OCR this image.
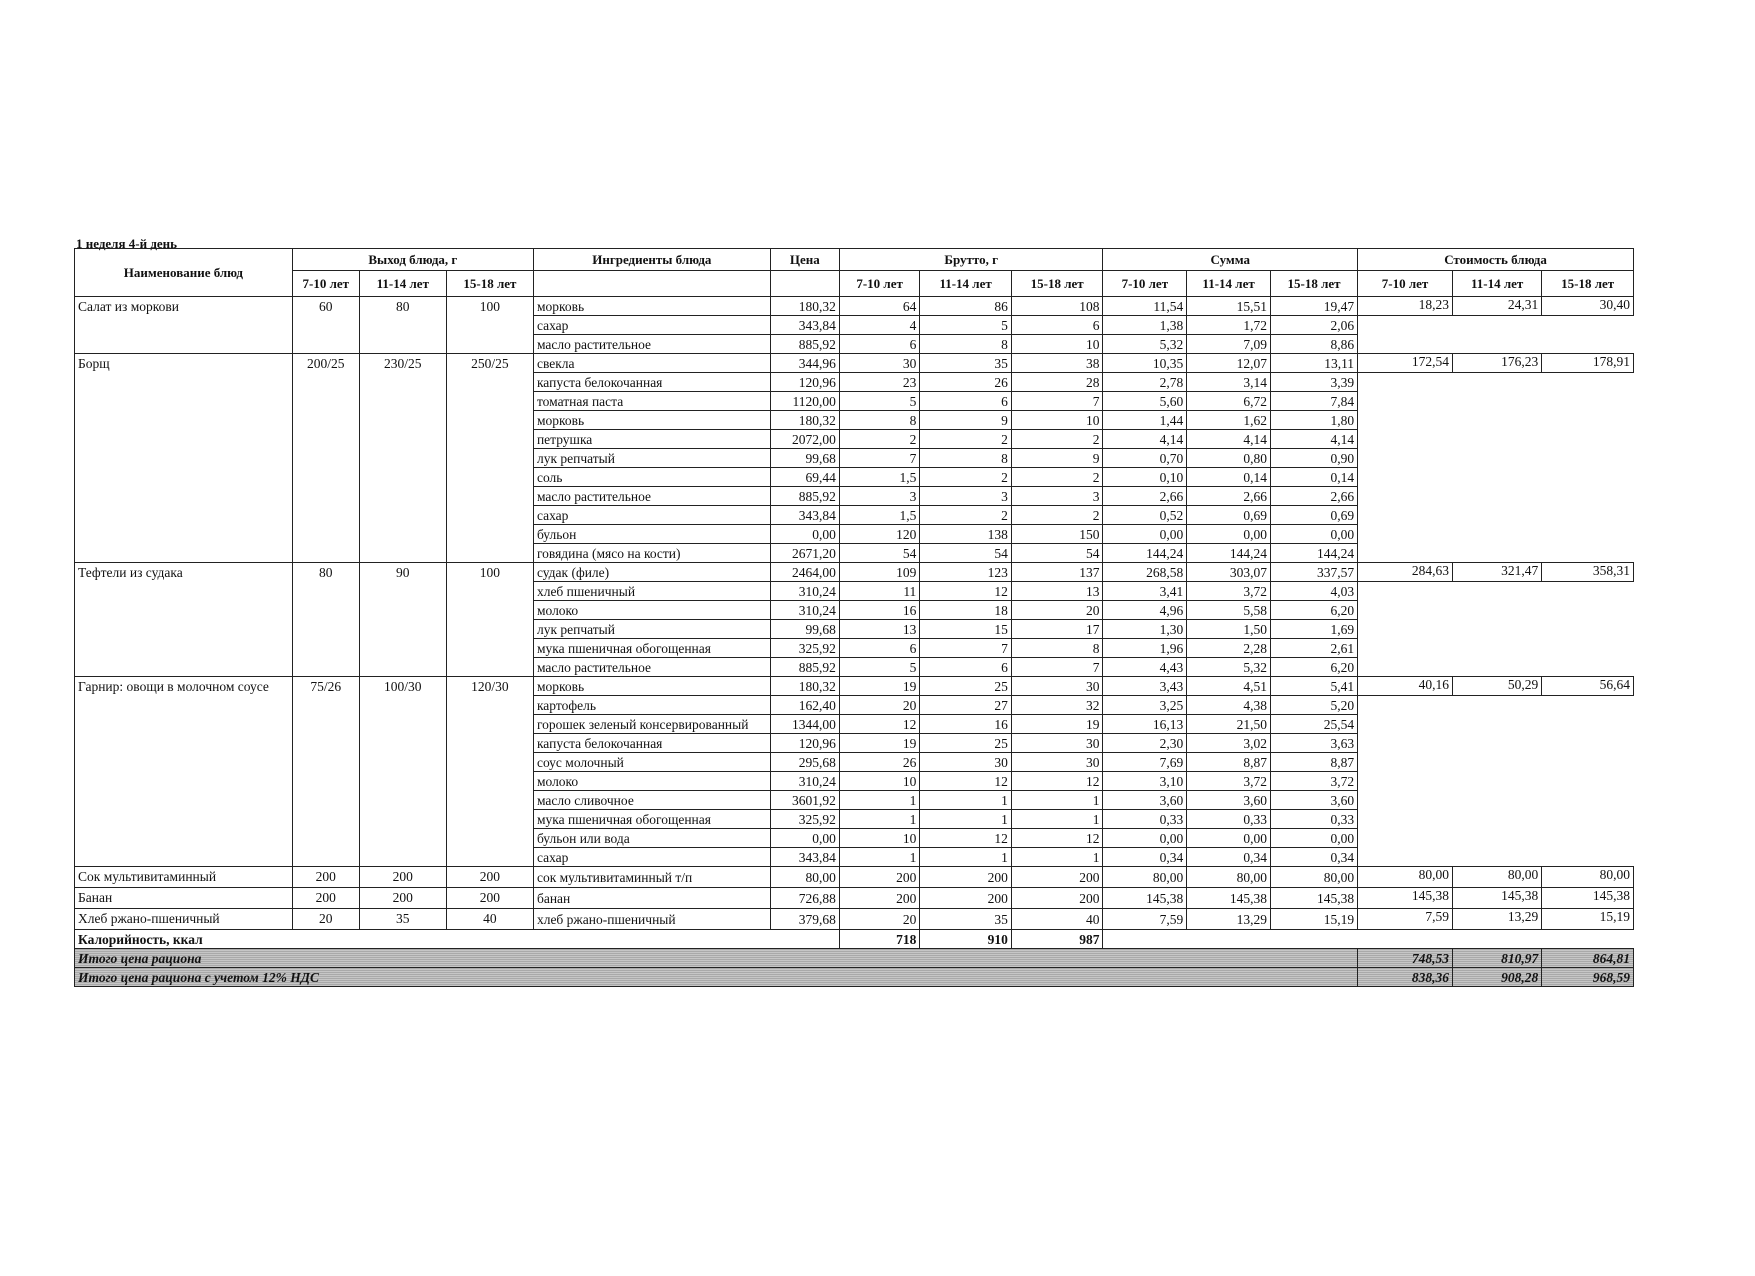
1 неделя 4-й день
Наименование блюд	Выход блюда, г			Ингредиенты блюда	Цена	Брутто, г			Сумма			Стоимость блюда		
	7-10 лет	11-14 лет	15-18 лет			7-10 лет	11-14 лет	15-18 лет	7-10 лет	11-14 лет	15-18 лет	7-10 лет	11-14 лет	15-18 лет
Салат из моркови	60	80	100	морковь	180,32	64	86	108	11,54	15,51	19,47	18,23	24,31	30,40
				сахар	343,84	4	5	6	1,38	1,72	2,06			
				масло растительное	885,92	6	8	10	5,32	7,09	8,86			
Борщ	200/25	230/25	250/25	свекла	344,96	30	35	38	10,35	12,07	13,11	172,54	176,23	178,91
				капуста белокочанная	120,96	23	26	28	2,78	3,14	3,39			
				томатная паста	1120,00	5	6	7	5,60	6,72	7,84			
				морковь	180,32	8	9	10	1,44	1,62	1,80			
				петрушка	2072,00	2	2	2	4,14	4,14	4,14			
				лук репчатый	99,68	7	8	9	0,70	0,80	0,90			
				соль	69,44	1,5	2	2	0,10	0,14	0,14			
				масло растительное	885,92	3	3	3	2,66	2,66	2,66			
				сахар	343,84	1,5	2	2	0,52	0,69	0,69			
				бульон	0,00	120	138	150	0,00	0,00	0,00			
				говядина (мясо на кости)	2671,20	54	54	54	144,24	144,24	144,24			
Тефтели из судака	80	90	100	судак (филе)	2464,00	109	123	137	268,58	303,07	337,57	284,63	321,47	358,31
				хлеб пшеничный	310,24	11	12	13	3,41	3,72	4,03			
				молоко	310,24	16	18	20	4,96	5,58	6,20			
				лук репчатый	99,68	13	15	17	1,30	1,50	1,69			
				мука пшеничная обогощенная	325,92	6	7	8	1,96	2,28	2,61			
				масло растительное	885,92	5	6	7	4,43	5,32	6,20			
Гарнир: овощи в молочном соусе	75/26	100/30	120/30	морковь	180,32	19	25	30	3,43	4,51	5,41	40,16	50,29	56,64
				картофель	162,40	20	27	32	3,25	4,38	5,20			
				горошек зеленый консервированный	1344,00	12	16	19	16,13	21,50	25,54			
				капуста белокочанная	120,96	19	25	30	2,30	3,02	3,63			
				соус молочный	295,68	26	30	30	7,69	8,87	8,87			
				молоко	310,24	10	12	12	3,10	3,72	3,72			
				масло сливочное	3601,92	1	1	1	3,60	3,60	3,60			
				мука пшеничная обогощенная	325,92	1	1	1	0,33	0,33	0,33			
				бульон или вода	0,00	10	12	12	0,00	0,00	0,00			
				сахар	343,84	1	1	1	0,34	0,34	0,34			
Сок мультивитаминный	200	200	200	сок мультивитаминный т/п	80,00	200	200	200	80,00	80,00	80,00	80,00	80,00	80,00
Банан	200	200	200	банан	726,88	200	200	200	145,38	145,38	145,38	145,38	145,38	145,38
Хлеб ржано-пшеничный	20	35	40	хлеб ржано-пшеничный	379,68	20	35	40	7,59	13,29	15,19	7,59	13,29	15,19
Калорийность, ккал						718	910	987						
Итого цена рациона												748,53	810,97	864,81
Итого цена рациона с учетом 12% НДС												838,36	908,28	968,59
